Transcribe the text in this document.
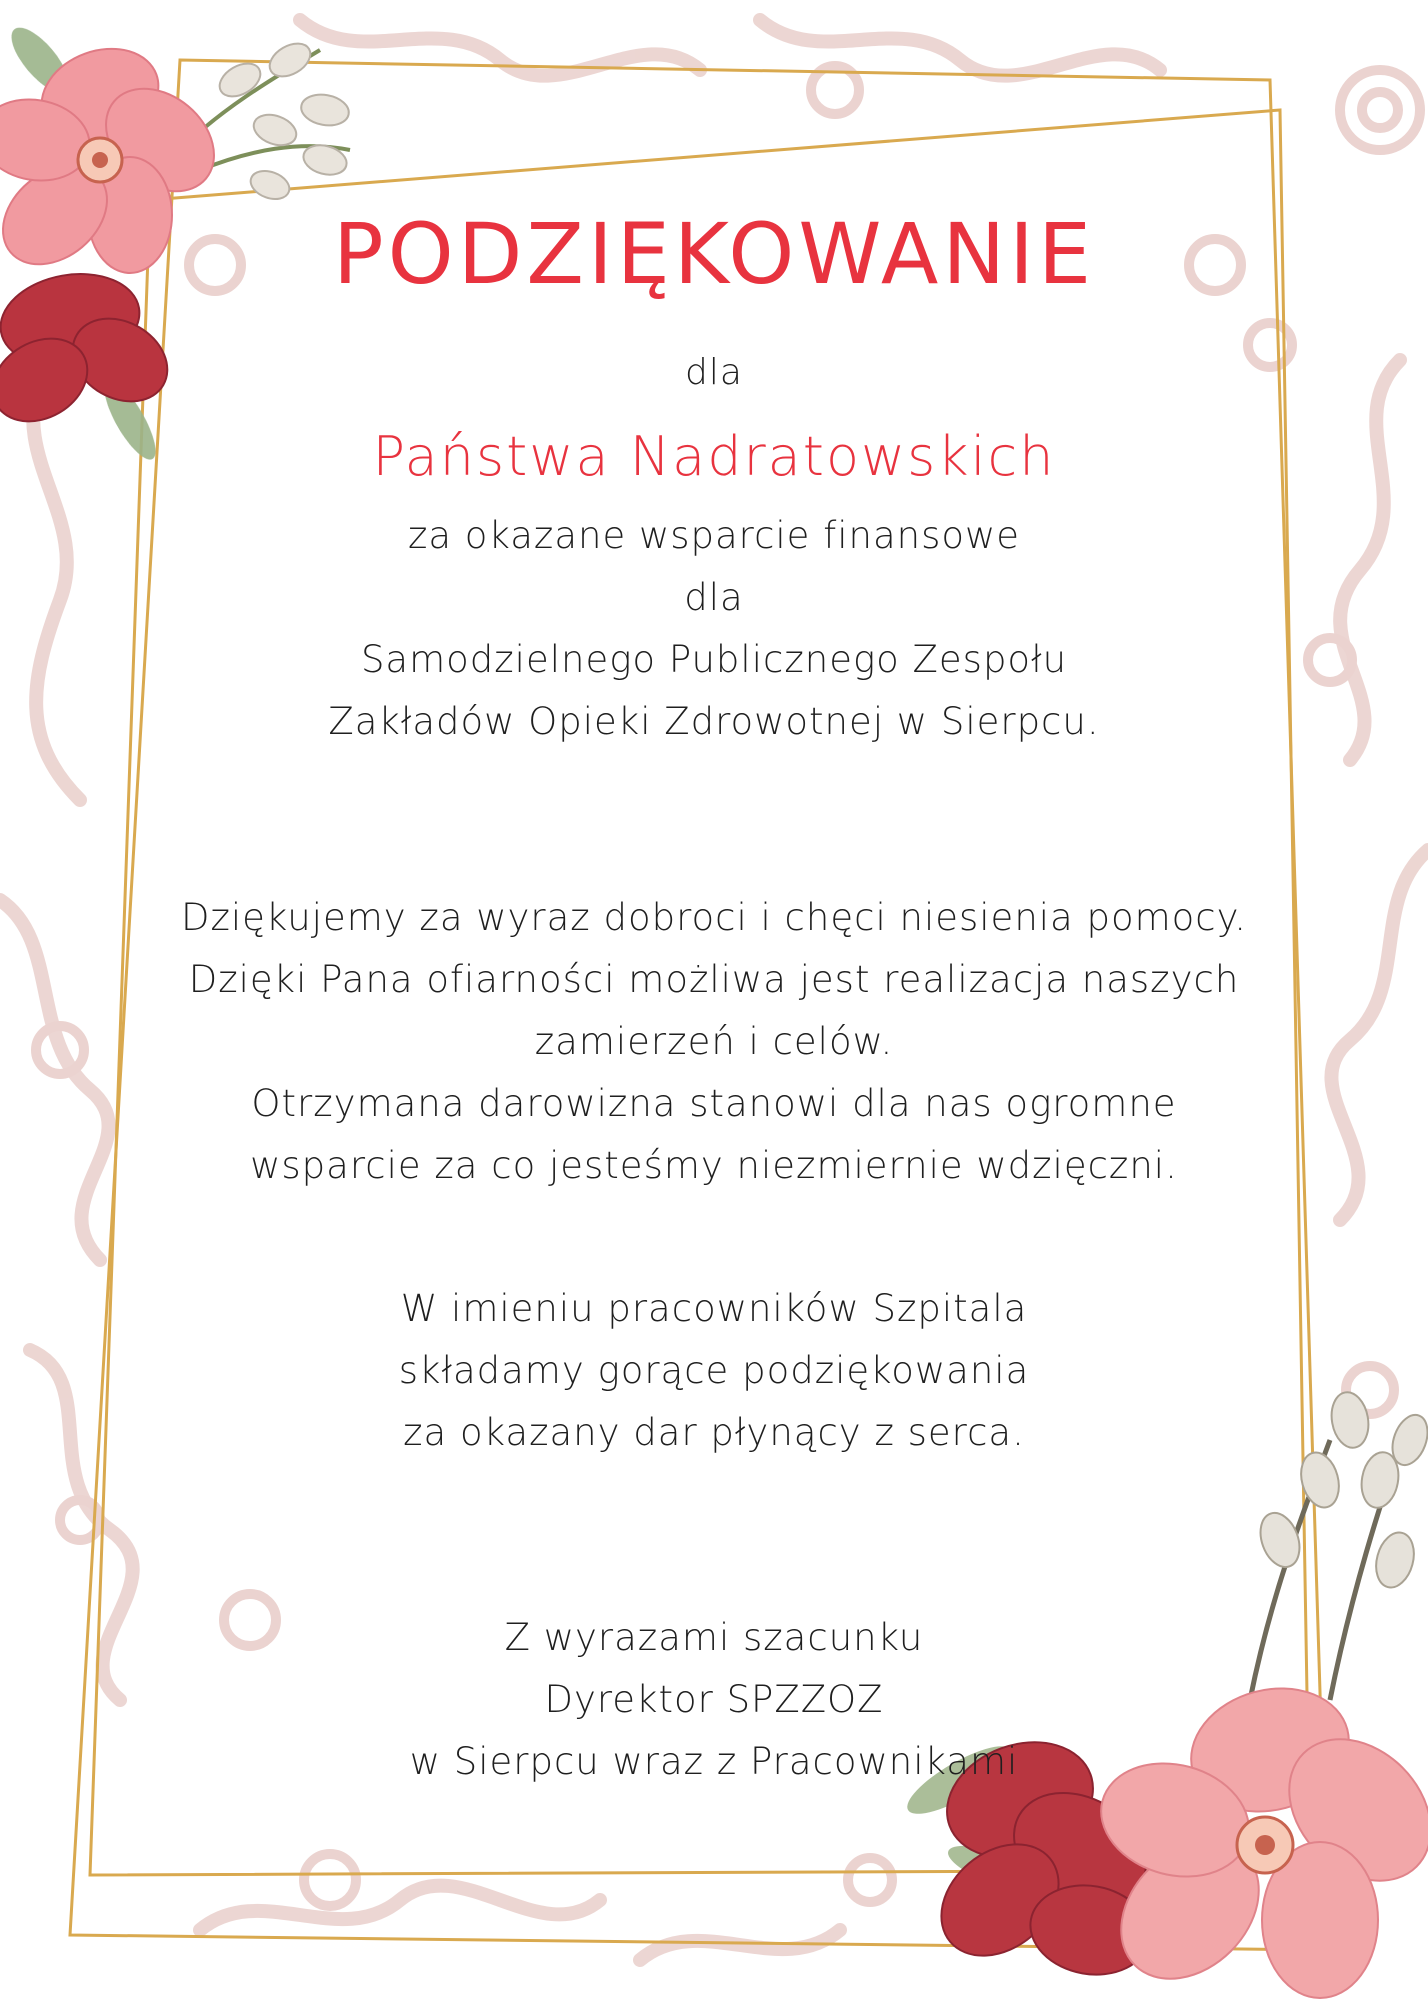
PODZIĘKOWANIE
dla
Państwa Nadratowskich
za okazane wsparcie finansowe
dla
Samodzielnego Publicznego Zespołu
Zakładów Opieki Zdrowotnej w Sierpcu.
Dziękujemy za wyraz dobroci i chęci niesienia pomocy.
Dzięki Pana ofiarności możliwa jest realizacja naszych
zamierzeń i celów.
Otrzymana darowizna stanowi dla nas ogromne
wsparcie za co jesteśmy niezmiernie wdzięczni.
W imieniu pracowników Szpitala
składamy gorące podziękowania
za okazany dar płynący z serca.
Z wyrazami szacunku
Dyrektor SPZZOZ
w Sierpcu wraz z Pracownikami
